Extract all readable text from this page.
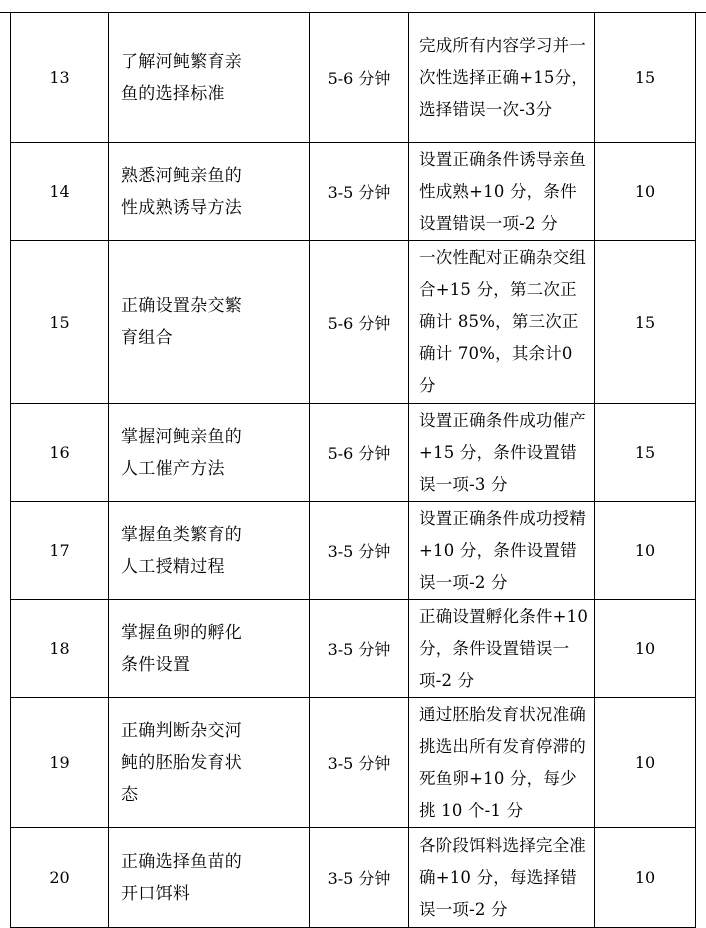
13	了解河鲀繁育亲鱼的选择标准	5-6 分钟	完成所有内容学习并一次性选择正确+15分，选择错误一次-3分	15
14	熟悉河鲀亲鱼的性成熟诱导方法	3-5 分钟	设置正确条件诱导亲鱼性成熟+10 分，条件设置错误一项-2 分	10
15	正确设置杂交繁育组合	5-6 分钟	一次性配对正确杂交组合+15 分，第二次正确计 85%，第三次正确计 70%，其余计0 分	15
16	掌握河鲀亲鱼的人工催产方法	5-6 分钟	设置正确条件成功催产+15 分，条件设置错误一项-3 分	15
17	掌握鱼类繁育的人工授精过程	3-5 分钟	设置正确条件成功授精+10 分，条件设置错误一项-2 分	10
18	掌握鱼卵的孵化条件设置	3-5 分钟	正确设置孵化条件+10 分，条件设置错误一项-2 分	10
19	正确判断杂交河鲀的胚胎发育状态	3-5 分钟	通过胚胎发育状况准确挑选出所有发育停滞的死鱼卵+10 分，每少挑 10 个-1 分	10
20	正确选择鱼苗的开口饵料	3-5 分钟	各阶段饵料选择完全准确+10 分，每选择错误一项-2 分	10
